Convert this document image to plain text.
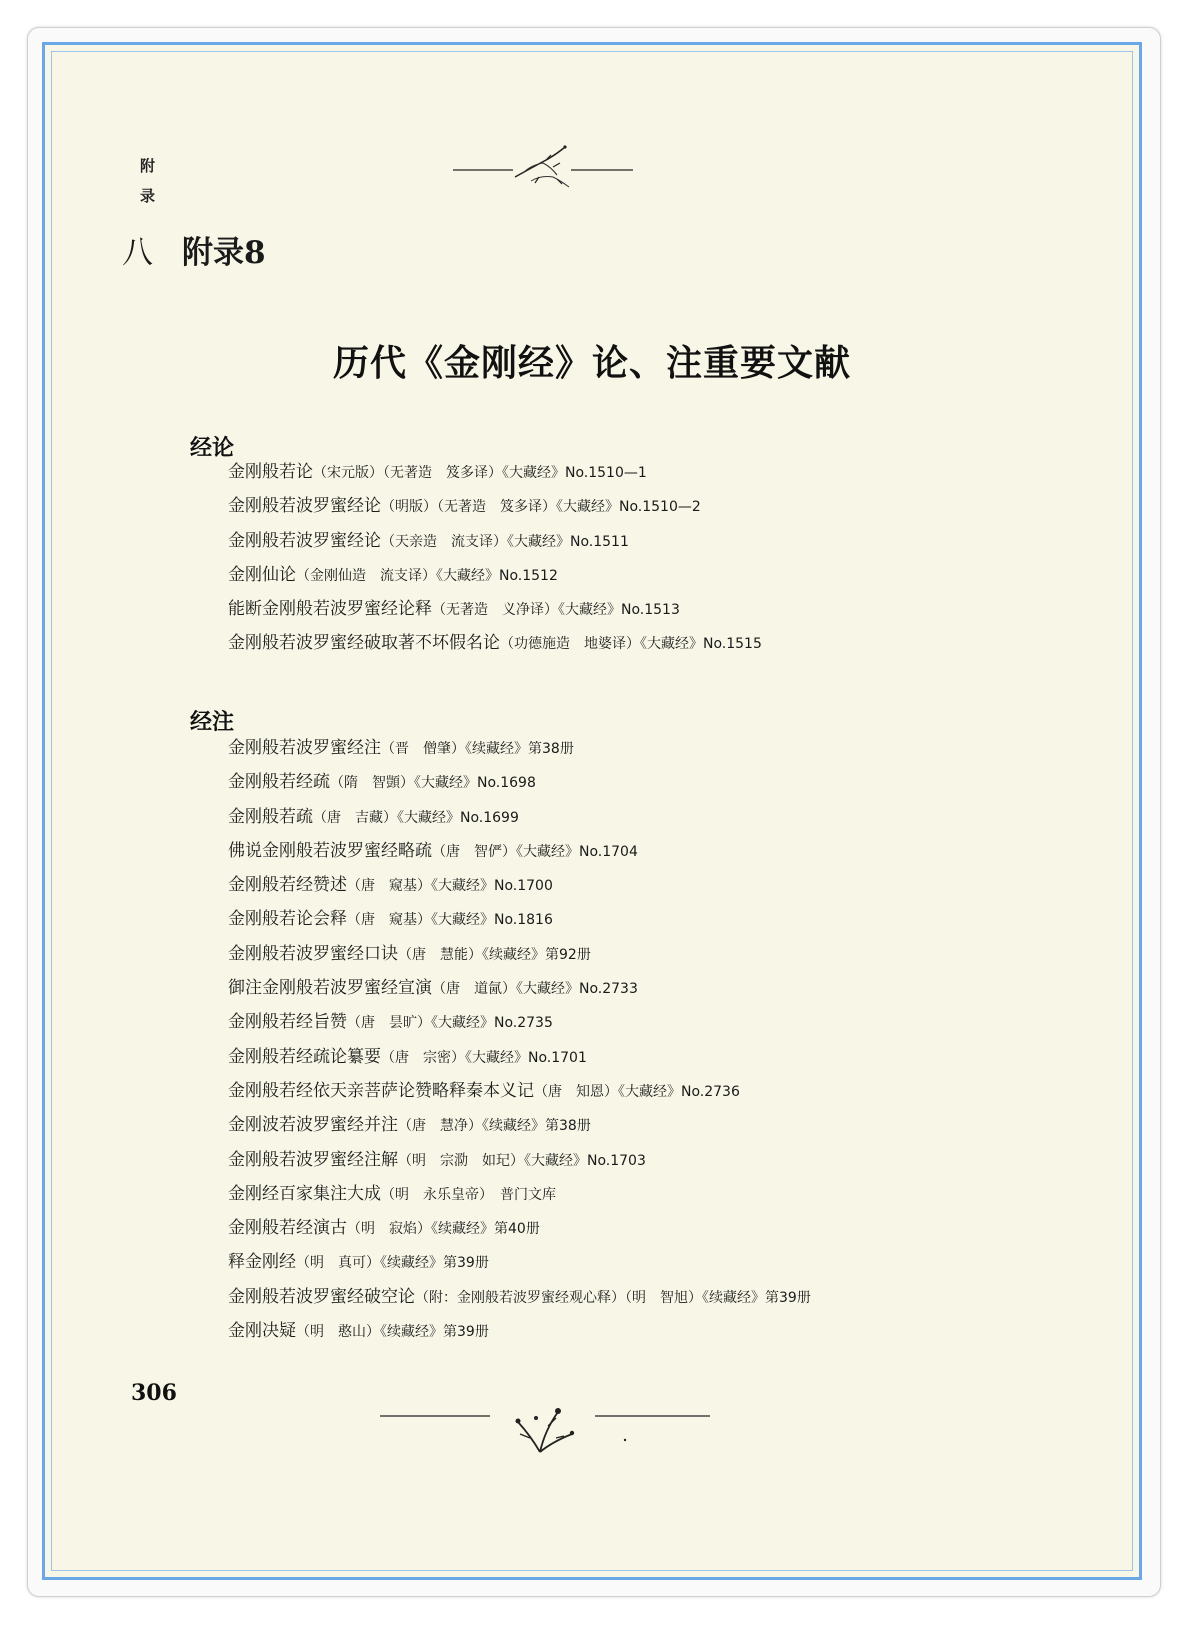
附
录
八 附录8
历代《金刚经》论、注重要文献
经论
金刚般若论（宋元版）（无著造　笈多译）《大藏经》No.1510—1
金刚般若波罗蜜经论（明版）（无著造　笈多译）《大藏经》No.1510—2
金刚般若波罗蜜经论（天亲造　流支译）《大藏经》No.1511
金刚仙论（金刚仙造　流支译）《大藏经》No.1512
能断金刚般若波罗蜜经论释（无著造　义净译）《大藏经》No.1513
金刚般若波罗蜜经破取著不坏假名论（功德施造　地婆译）《大藏经》No.1515
经注
金刚般若波罗蜜经注（晋　僧肇）《续藏经》第38册
金刚般若经疏（隋　智顗）《大藏经》No.1698
金刚般若疏（唐　吉藏）《大藏经》No.1699
佛说金刚般若波罗蜜经略疏（唐　智俨）《大藏经》No.1704
金刚般若经赞述（唐　窥基）《大藏经》No.1700
金刚般若论会释（唐　窥基）《大藏经》No.1816
金刚般若波罗蜜经口诀（唐　慧能）《续藏经》第92册
御注金刚般若波罗蜜经宣演（唐　道氤）《大藏经》No.2733
金刚般若经旨赞（唐　昙旷）《大藏经》No.2735
金刚般若经疏论纂要（唐　宗密）《大藏经》No.1701
金刚般若经依天亲菩萨论赞略释秦本义记（唐　知恩）《大藏经》No.2736
金刚波若波罗蜜经并注（唐　慧净）《续藏经》第38册
金刚般若波罗蜜经注解（明　宗泐　如玘）《大藏经》No.1703
金刚经百家集注大成（明　永乐皇帝）　普门文库
金刚般若经演古（明　寂焰）《续藏经》第40册
释金刚经（明　真可）《续藏经》第39册
金刚般若波罗蜜经破空论（附：金刚般若波罗蜜经观心释）（明　智旭）《续藏经》第39册
金刚决疑（明　憨山）《续藏经》第39册
306
